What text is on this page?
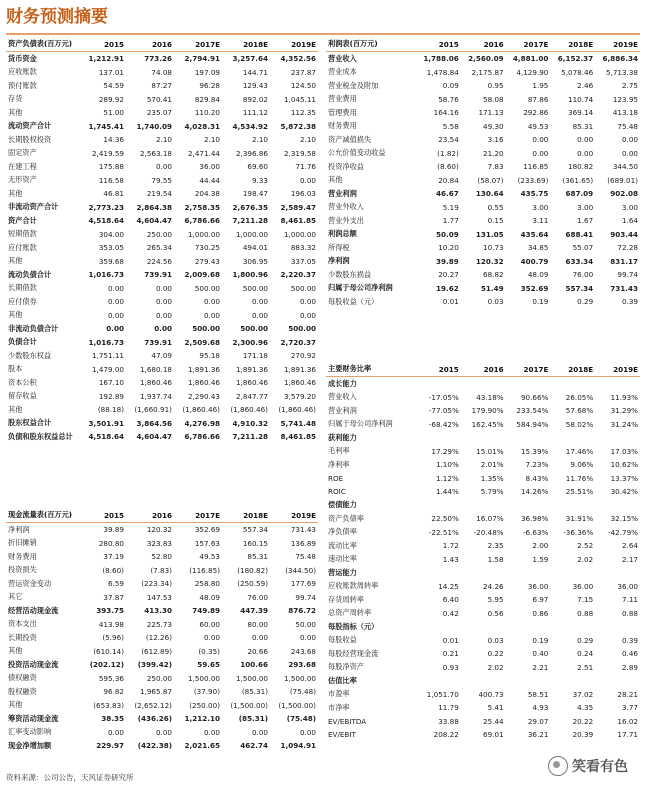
财务预测摘要
资产负债表(百万元)	2015	2016	2017E	2018E	2019E
货币资金	1,212.91	773.26	2,794.91	3,257.64	4,352.56
应收账款	137.01	74.08	197.09	144.71	237.87
预付账款	54.59	87.27	96.28	129.43	124.50
存货	289.92	570.41	829.84	892.02	1,045.11
其他	51.00	235.07	110.20	111.12	112.35
流动资产合计	1,745.41	1,740.09	4,028.31	4,534.92	5,872.38
长期股权投资	14.36	2.10	2.10	2.10	2.10
固定资产	2,419.59	2,563.18	2,471.44	2,396.86	2,319.58
在建工程	175.88	0.00	36.00	69.60	71.76
无形资产	116.58	79.55	44.44	9.33	0.00
其他	46.81	219.54	204.38	198.47	196.03
非流动资产合计	2,773.23	2,864.38	2,758.35	2,676.35	2,589.47
资产合计	4,518.64	4,604.47	6,786.66	7,211.28	8,461.85
短期借款	304.00	250.00	1,000.00	1,000.00	1,000.00
应付账款	353.05	265.34	730.25	494.01	883.32
其他	359.68	224.56	279.43	306.95	337.05
流动负债合计	1,016.73	739.91	2,009.68	1,800.96	2,220.37
长期借款	0.00	0.00	500.00	500.00	500.00
应付债券	0.00	0.00	0.00	0.00	0.00
其他	0.00	0.00	0.00	0.00	0.00
非流动负债合计	0.00	0.00	500.00	500.00	500.00
负债合计	1,016.73	739.91	2,509.68	2,300.96	2,720.37
少数股东权益	1,751.11	47.09	95.18	171.18	270.92
股本	1,479.00	1,680.18	1,891.36	1,891.36	1,891.36
资本公积	167.10	1,860.46	1,860.46	1,860.46	1,860.46
留存收益	192.89	1,937.74	2,290.43	2,847.77	3,579.20
其他	(88.18)	(1,660.91)	(1,860.46)	(1,860.46)	(1,860.46)
股东权益合计	3,501.91	3,864.56	4,276.98	4,910.32	5,741.48
负债和股东权益总计	4,518.64	4,604.47	6,786.66	7,211.28	8,461.85
利润表(百万元)	2015	2016	2017E	2018E	2019E
营业收入	1,788.06	2,560.09	4,881.00	6,152.37	6,886.34
营业成本	1,478.84	2,175.87	4,129.90	5,078.46	5,713.38
营业税金及附加	0.09	0.95	1.95	2.46	2.75
营业费用	58.76	58.08	87.86	110.74	123.95
管理费用	164.16	171.13	292.86	369.14	413.18
财务费用	5.58	49.30	49.53	85.31	75.48
资产减值损失	23.54	3.16	0.00	0.00	0.00
公允价值变动收益	(1.82)	21.20	0.00	0.00	0.00
投资净收益	(8.60)	7.83	116.85	180.82	344.50
其他	20.84	(58.07)	(233.69)	(361.65)	(689.01)
营业利润	46.67	130.64	435.75	687.09	902.08
营业外收入	5.19	0.55	3.00	3.00	3.00
营业外支出	1.77	0.15	3.11	1.67	1.64
利润总额	50.09	131.05	435.64	688.41	903.44
所得税	10.20	10.73	34.85	55.07	72.28
净利润	39.89	120.32	400.79	633.34	831.17
少数股东损益	20.27	68.82	48.09	76.00	99.74
归属于母公司净利润	19.62	51.49	352.69	557.34	731.43
每股收益（元）	0.01	0.03	0.19	0.29	0.39
主要财务比率	2015	2016	2017E	2018E	2019E
成长能力					
营业收入	-17.05%	43.18%	90.66%	26.05%	11.93%
营业利润	-77.05%	179.90%	233.54%	57.68%	31.29%
归属于母公司净利润	-68.42%	162.45%	584.94%	58.02%	31.24%
获利能力					
毛利率	17.29%	15.01%	15.39%	17.46%	17.03%
净利率	1.10%	2.01%	7.23%	9.06%	10.62%
ROE	1.12%	1.35%	8.43%	11.76%	13.37%
ROIC	1.44%	5.79%	14.26%	25.51%	30.42%
偿债能力					
资产负债率	22.50%	16.07%	36.98%	31.91%	32.15%
净负债率	-22.51%	-20.48%	-6.63%	-36.36%	-42.79%
流动比率	1.72	2.35	2.00	2.52	2.64
速动比率	1.43	1.58	1.59	2.02	2.17
营运能力					
应收账款周转率	14.25	24.26	36.00	36.00	36.00
存货周转率	6.40	5.95	6.97	7.15	7.11
总资产周转率	0.42	0.56	0.86	0.88	0.88
每股指标（元）					
每股收益	0.01	0.03	0.19	0.29	0.39
每股经营现金流	0.21	0.22	0.40	0.24	0.46
每股净资产	0.93	2.02	2.21	2.51	2.89
估值比率					
市盈率	1,051.70	400.73	58.51	37.02	28.21
市净率	11.79	5.41	4.93	4.35	3.77
EV/EBITDA	33.88	25.44	29.07	20.22	16.02
EV/EBIT	208.22	69.01	36.21	20.39	17.71
现金流量表(百万元)	2015	2016	2017E	2018E	2019E
净利润	39.89	120.32	352.69	557.34	731.43
折旧摊销	280.80	323.83	157.63	160.15	136.89
财务费用	37.19	52.80	49.53	85.31	75.48
投资损失	(8.60)	(7.83)	(116.85)	(180.82)	(344.50)
营运资金变动	6.59	(223.34)	258.80	(250.59)	177.69
其它	37.87	147.53	48.09	76.00	99.74
经营活动现金流	393.75	413.30	749.89	447.39	876.72
资本支出	413.98	225.73	60.00	80.00	50.00
长期投资	(5.96)	(12.26)	0.00	0.00	0.00
其他	(610.14)	(612.89)	(0.35)	20.66	243.68
投资活动现金流	(202.12)	(399.42)	59.65	100.66	293.68
债权融资	595.36	250.00	1,500.00	1,500.00	1,500.00
股权融资	96.82	1,965.87	(37.90)	(85.31)	(75.48)
其他	(653.83)	(2,652.12)	(250.00)	(1,500.00)	(1,500.00)
筹资活动现金流	38.35	(436.26)	1,212.10	(85.31)	(75.48)
汇率变动影响	0.00	0.00	0.00	0.00	0.00
现金净增加额	229.97	(422.38)	2,021.65	462.74	1,094.91
资料来源：公司公告，天风证券研究所
笑看有色
